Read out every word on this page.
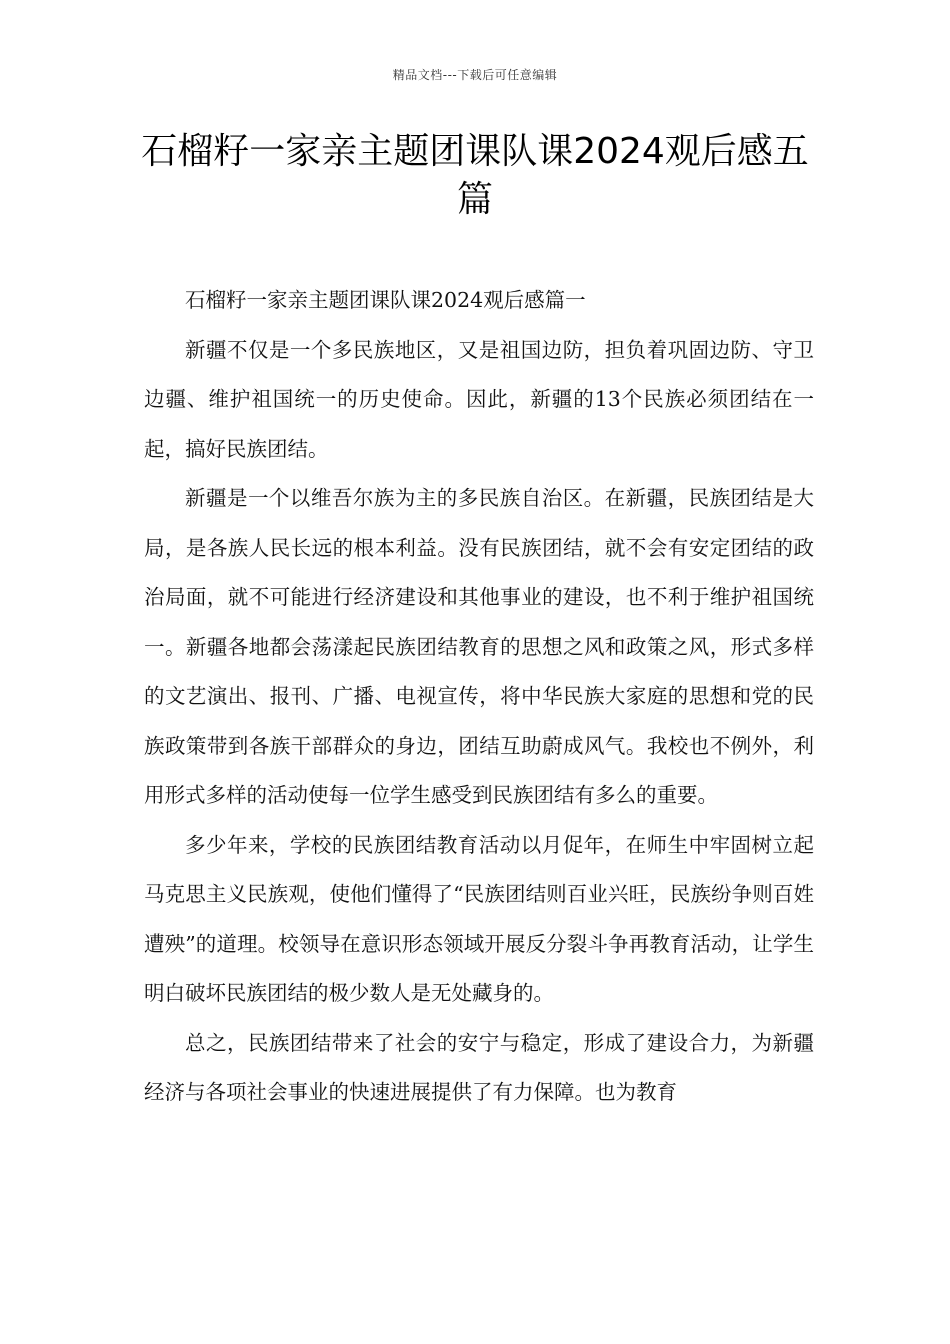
精品文档---下载后可任意编辑
石榴籽一家亲主题团课队课2024观后感五篇

石榴籽一家亲主题团课队课2024观后感篇一

新疆不仅是一个多民族地区，又是祖国边防，担负着巩固边防、守卫边疆、维护祖国统一的历史使命。因此，新疆的13个民族必须团结在一起，搞好民族团结。

新疆是一个以维吾尔族为主的多民族自治区。在新疆，民族团结是大局，是各族人民长远的根本利益。没有民族团结，就不会有安定团结的政治局面，就不可能进行经济建设和其他事业的建设，也不利于维护祖国统一。新疆各地都会荡漾起民族团结教育的思想之风和政策之风，形式多样的文艺演出、报刊、广播、电视宣传，将中华民族大家庭的思想和党的民族政策带到各族干部群众的身边，团结互助蔚成风气。我校也不例外，利用形式多样的活动使每一位学生感受到民族团结有多么的重要。

多少年来，学校的民族团结教育活动以月促年，在师生中牢固树立起马克思主义民族观，使他们懂得了“民族团结则百业兴旺，民族纷争则百姓遭殃”的道理。校领导在意识形态领域开展反分裂斗争再教育活动，让学生明白破坏民族团结的极少数人是无处藏身的。

总之，民族团结带来了社会的安宁与稳定，形成了建设合力，为新疆经济与各项社会事业的快速进展提供了有力保障。也为教育
